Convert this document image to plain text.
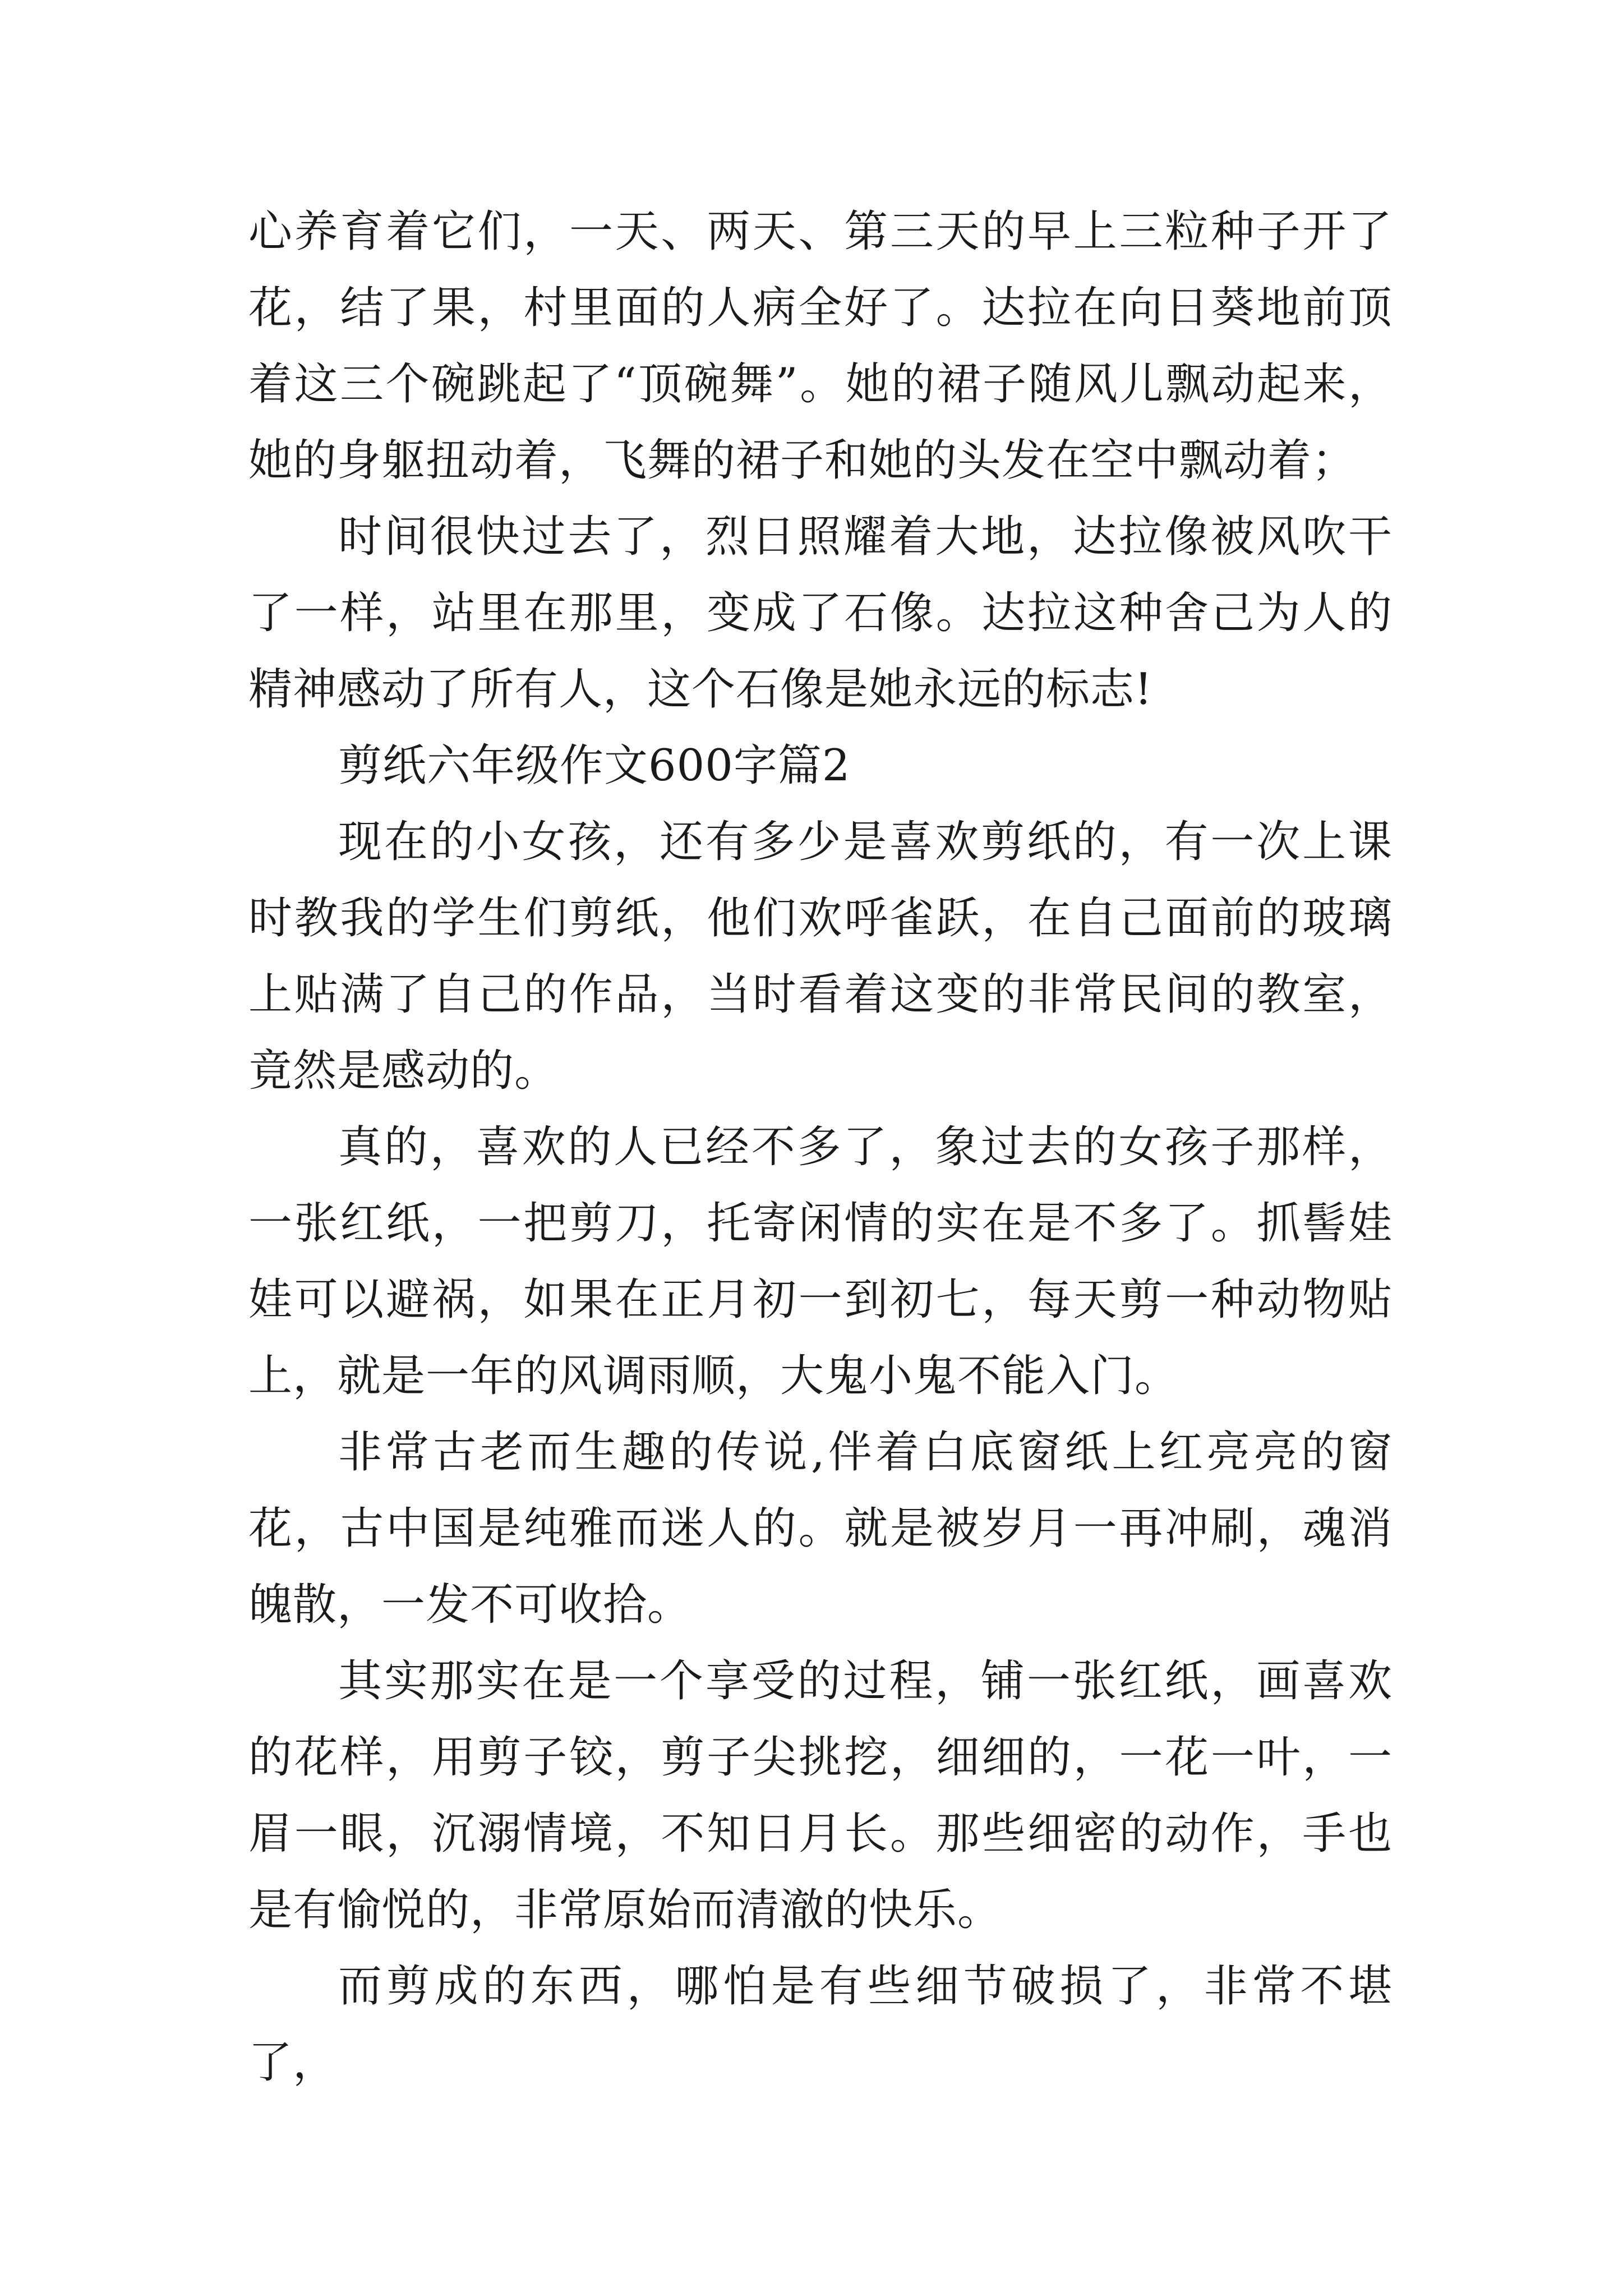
心养育着它们，一天、两天、第三天的早上三粒种子开了花，结了果，村里面的人病全好了。达拉在向日葵地前顶着这三个碗跳起了“顶碗舞”。她的裙子随风儿飘动起来，她的身躯扭动着，飞舞的裙子和她的头发在空中飘动着；

时间很快过去了，烈日照耀着大地，达拉像被风吹干了一样，站里在那里，变成了石像。达拉这种舍己为人的精神感动了所有人，这个石像是她永远的标志!

剪纸六年级作文600字篇2

现在的小女孩，还有多少是喜欢剪纸的，有一次上课时教我的学生们剪纸，他们欢呼雀跃，在自己面前的玻璃上贴满了自己的作品，当时看着这变的非常民间的教室，竟然是感动的。

真的，喜欢的人已经不多了，象过去的女孩子那样，一张红纸，一把剪刀，托寄闲情的实在是不多了。抓髻娃娃可以避祸，如果在正月初一到初七，每天剪一种动物贴上，就是一年的风调雨顺，大鬼小鬼不能入门。

非常古老而生趣的传说,伴着白底窗纸上红亮亮的窗花，古中国是纯雅而迷人的。就是被岁月一再冲刷，魂消魄散，一发不可收拾。

其实那实在是一个享受的过程，铺一张红纸，画喜欢的花样，用剪子铰，剪子尖挑挖，细细的，一花一叶，一眉一眼，沉溺情境，不知日月长。那些细密的动作，手也是有愉悦的，非常原始而清澈的快乐。

而剪成的东西，哪怕是有些细节破损了，非常不堪了，
